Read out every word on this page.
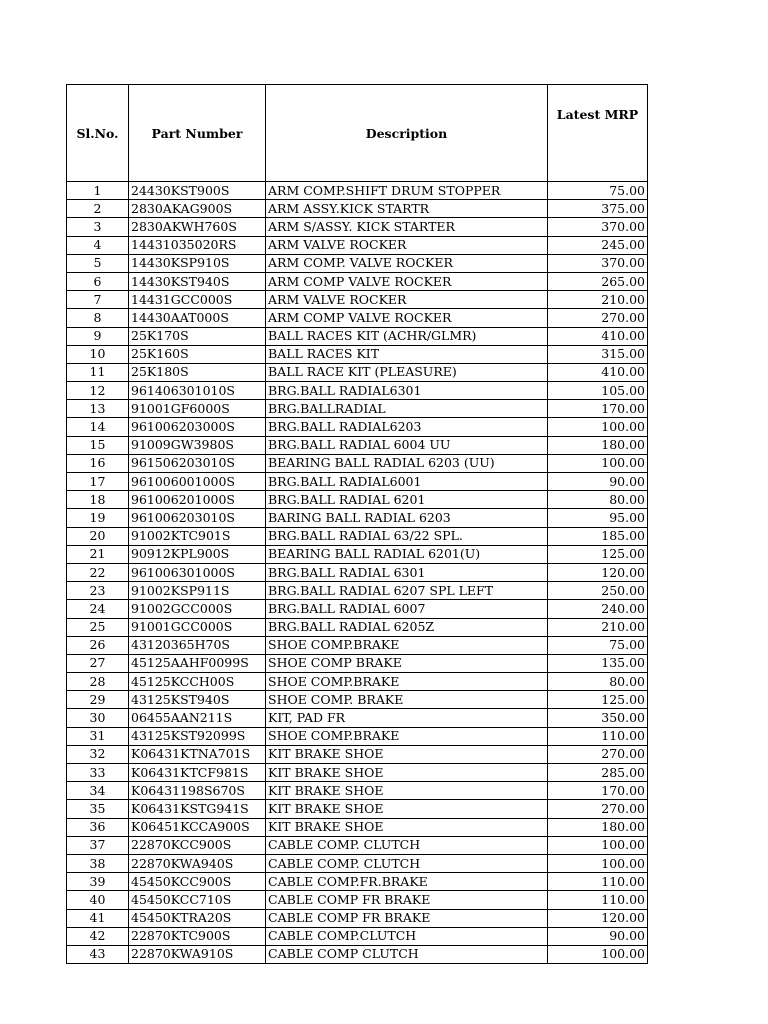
Sl.No.	Part Number	Description	Latest MRP
1	24430KST900S	ARM COMP.SHIFT DRUM STOPPER	75.00
2	2830AKAG900S	ARM ASSY.KICK STARTR	375.00
3	2830AKWH760S	ARM S/ASSY. KICK STARTER	370.00
4	14431035020RS	ARM VALVE ROCKER	245.00
5	14430KSP910S	ARM COMP. VALVE ROCKER	370.00
6	14430KST940S	ARM COMP VALVE ROCKER	265.00
7	14431GCC000S	ARM VALVE ROCKER	210.00
8	14430AAT000S	ARM COMP VALVE ROCKER	270.00
9	25K170S	BALL RACES KIT (ACHR/GLMR)	410.00
10	25K160S	BALL RACES KIT	315.00
11	25K180S	BALL RACE KIT (PLEASURE)	410.00
12	961406301010S	BRG.BALL RADIAL6301	105.00
13	91001GF6000S	BRG.BALLRADIAL	170.00
14	961006203000S	BRG.BALL RADIAL6203	100.00
15	91009GW3980S	BRG.BALL RADIAL 6004 UU	180.00
16	961506203010S	BEARING BALL RADIAL 6203 (UU)	100.00
17	961006001000S	BRG.BALL RADIAL6001	90.00
18	961006201000S	BRG.BALL RADIAL 6201	80.00
19	961006203010S	BARING BALL RADIAL 6203	95.00
20	91002KTC901S	BRG.BALL RADIAL 63/22 SPL.	185.00
21	90912KPL900S	BEARING BALL RADIAL 6201(U)	125.00
22	961006301000S	BRG.BALL RADIAL 6301	120.00
23	91002KSP911S	BRG.BALL RADIAL 6207 SPL LEFT	250.00
24	91002GCC000S	BRG.BALL RADIAL 6007	240.00
25	91001GCC000S	BRG.BALL RADIAL 6205Z	210.00
26	43120365H70S	SHOE COMP.BRAKE	75.00
27	45125AAHF0099S	SHOE COMP BRAKE	135.00
28	45125KCCH00S	SHOE COMP.BRAKE	80.00
29	43125KST940S	SHOE COMP. BRAKE	125.00
30	06455AAN211S	KIT, PAD FR	350.00
31	43125KST92099S	SHOE COMP.BRAKE	110.00
32	K06431KTNA701S	KIT BRAKE SHOE	270.00
33	K06431KTCF981S	KIT BRAKE SHOE	285.00
34	K06431198S670S	KIT BRAKE SHOE	170.00
35	K06431KSTG941S	KIT BRAKE SHOE	270.00
36	K06451KCCA900S	KIT BRAKE SHOE	180.00
37	22870KCC900S	CABLE COMP. CLUTCH	100.00
38	22870KWA940S	CABLE COMP. CLUTCH	100.00
39	45450KCC900S	CABLE COMP.FR.BRAKE	110.00
40	45450KCC710S	CABLE COMP FR BRAKE	110.00
41	45450KTRA20S	CABLE COMP FR BRAKE	120.00
42	22870KTC900S	CABLE COMP.CLUTCH	90.00
43	22870KWA910S	CABLE COMP CLUTCH	100.00
